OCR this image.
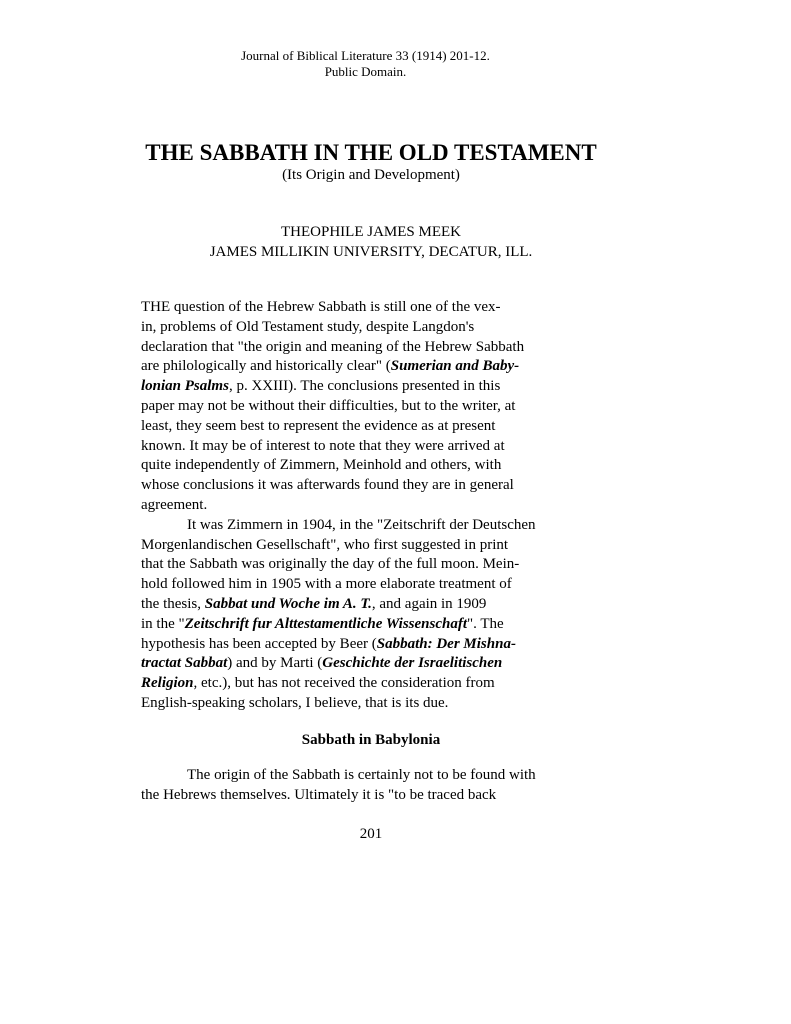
Journal of Biblical Literature 33 (1914) 201-12.
Public Domain.
THE SABBATH IN THE OLD TESTAMENT
(Its Origin and Development)
THEOPHILE JAMES MEEK
JAMES MILLIKIN UNIVERSITY, DECATUR, ILL.
THE question of the Hebrew Sabbath is still one of the vex-
in, problems of Old Testament study, despite Langdon's
declaration that "the origin and meaning of the Hebrew Sabbath
are philologically and historically clear" (Sumerian and Baby-
lonian Psalms, p. XXIII). The conclusions presented in this
paper may not be without their difficulties, but to the writer, at
least, they seem best to represent the evidence as at present
known. It may be of interest to note that they were arrived at
quite independently of Zimmern, Meinhold and others, with
whose conclusions it was afterwards found they are in general
agreement.
It was Zimmern in 1904, in the "Zeitschrift der Deutschen
Morgenlandischen Gesellschaft", who first suggested in print
that the Sabbath was originally the day of the full moon. Mein-
hold followed him in 1905 with a more elaborate treatment of
the thesis, Sabbat und Woche im A. T., and again in 1909
in the "Zeitschrift fur Alttestamentliche Wissenschaft". The
hypothesis has been accepted by Beer (Sabbath: Der Mishna-
tractat Sabbat) and by Marti (Geschichte der Israelitischen
Religion, etc.), but has not received the consideration from
English-speaking scholars, I believe, that is its due.
Sabbath in Babylonia
The origin of the Sabbath is certainly not to be found with
the Hebrews themselves. Ultimately it is "to be traced back
201
